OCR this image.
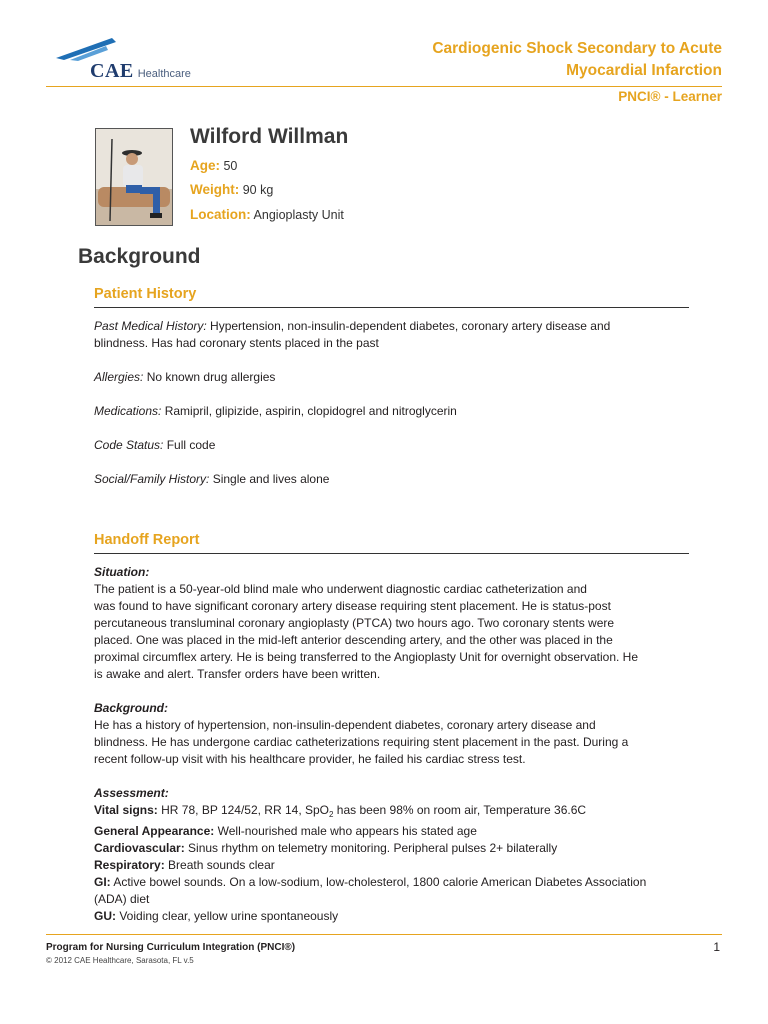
CAE Healthcare
Cardiogenic Shock Secondary to Acute
Myocardial Infarction
PNCI® - Learner
Wilford Willman
Age: 50
Weight: 90 kg
Location: Angioplasty Unit
Background
Patient History
Past Medical History: Hypertension, non-insulin-dependent diabetes, coronary artery disease and
blindness. Has had coronary stents placed in the past
Allergies: No known drug allergies
Medications: Ramipril, glipizide, aspirin, clopidogrel and nitroglycerin
Code Status: Full code
Social/Family History: Single and lives alone
Handoff Report
Situation:
The patient is a 50-year-old blind male who underwent diagnostic cardiac catheterization and
was found to have significant coronary artery disease requiring stent placement. He is status-post
percutaneous transluminal coronary angioplasty (PTCA) two hours ago. Two coronary stents were
placed. One was placed in the mid-left anterior descending artery, and the other was placed in the
proximal circumflex artery. He is being transferred to the Angioplasty Unit for overnight observation. He
is awake and alert. Transfer orders have been written.
Background:
He has a history of hypertension, non-insulin-dependent diabetes, coronary artery disease and
blindness. He has undergone cardiac catheterizations requiring stent placement in the past. During a
recent follow-up visit with his healthcare provider, he failed his cardiac stress test.
Assessment:
Vital signs: HR 78, BP 124/52, RR 14, SpO$_2$ has been 98% on room air, Temperature 36.6C
General Appearance: Well-nourished male who appears his stated age
Cardiovascular: Sinus rhythm on telemetry monitoring. Peripheral pulses 2+ bilaterally
Respiratory: Breath sounds clear
GI: Active bowel sounds. On a low-sodium, low-cholesterol, 1800 calorie American Diabetes Association
(ADA) diet
GU: Voiding clear, yellow urine spontaneously
Program for Nursing Curriculum Integration (PNCI®)
© 2012 CAE Healthcare, Sarasota, FL v.5
1
